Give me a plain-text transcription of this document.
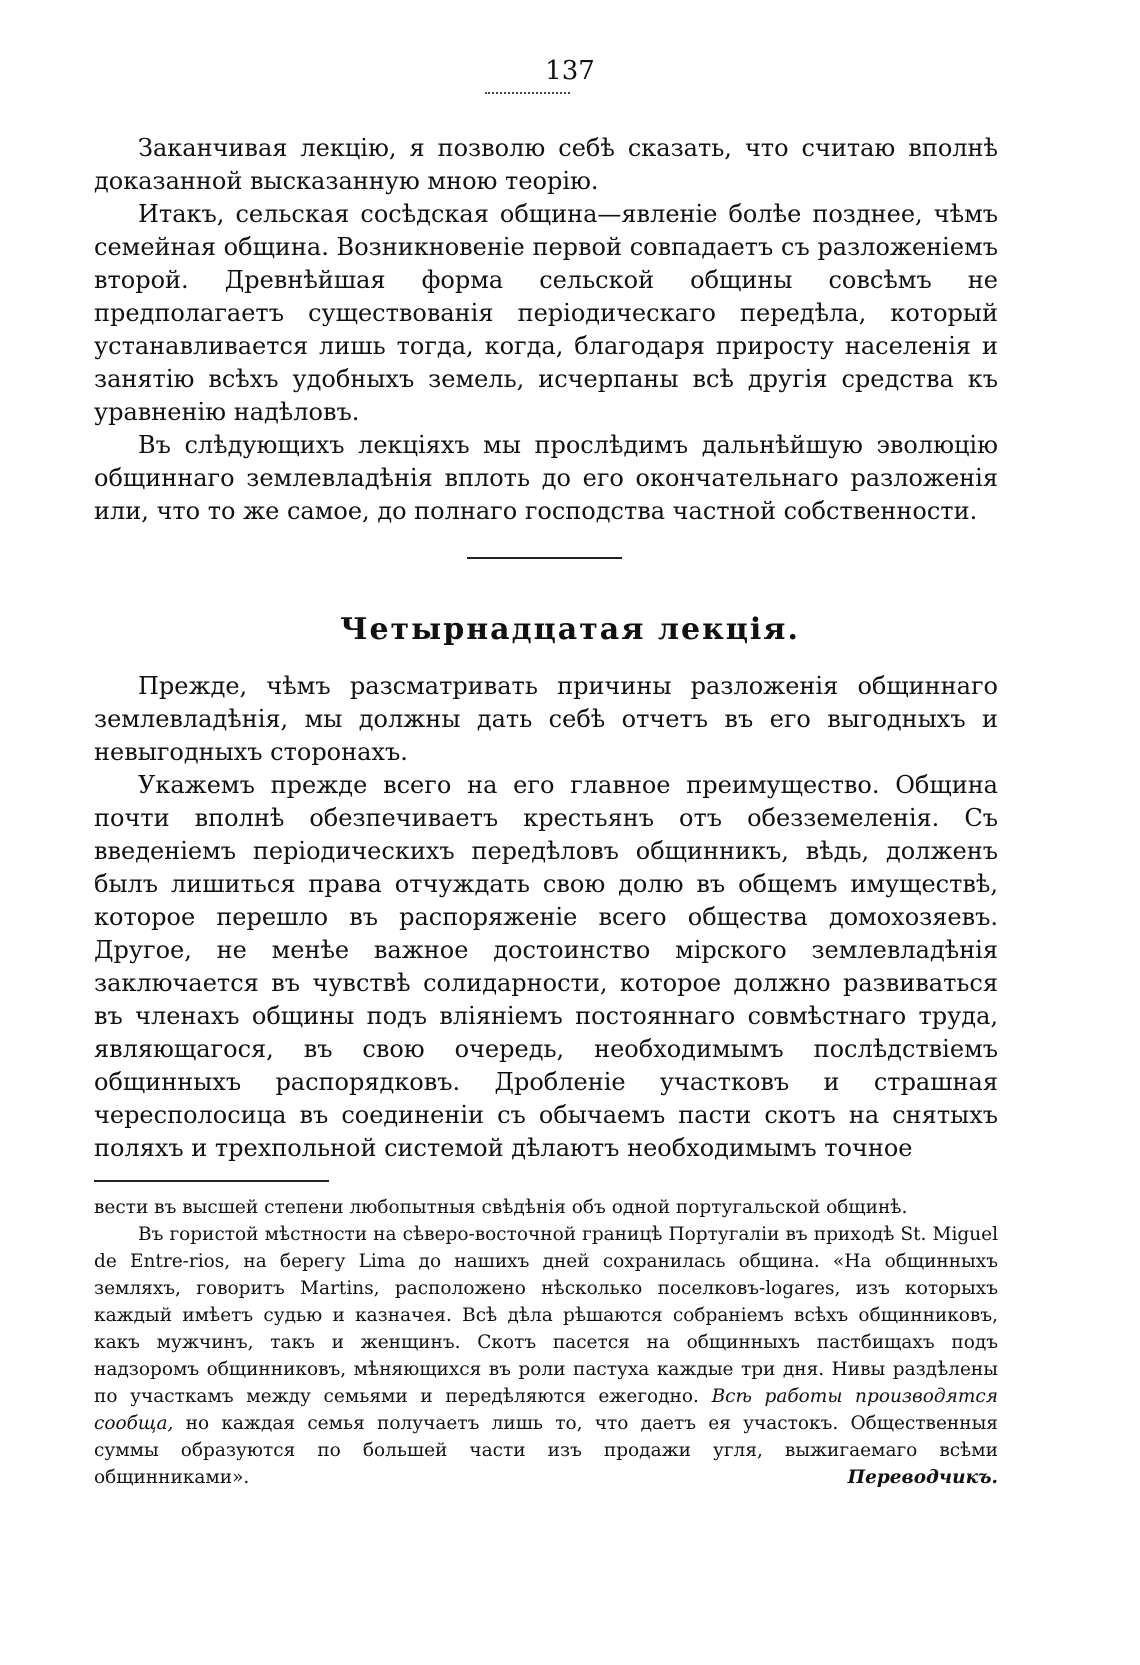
137

Заканчивая лекцію, я позволю себѣ сказать, что считаю вполнѣ доказанной высказанную мною теорію.

Итакъ, сельская сосѣдская община—явленіе болѣе позднее, чѣмъ семейная община. Возникновеніе первой совпадаетъ съ разложеніемъ второй. Древнѣйшая форма сельской общины совсѣмъ не предполагаетъ существованія періодическаго передѣла, который устанавливается лишь тогда, когда, благодаря приросту населенія и занятію всѣхъ удобныхъ земель, исчерпаны всѣ другія средства къ уравненію надѣловъ.

Въ слѣдующихъ лекціяхъ мы прослѣдимъ дальнѣйшую эволюцію общиннаго землевладѣнія вплоть до его окончательнаго разложенія или, что то же самое, до полнаго господства частной собственности.

Четырнадцатая лекція.

Прежде, чѣмъ разсматривать причины разложенія общиннаго землевладѣнія, мы должны дать себѣ отчетъ въ его выгодныхъ и невыгодныхъ сторонахъ.

Укажемъ прежде всего на его главное преимущество. Община почти вполнѣ обезпечиваетъ крестьянъ отъ обезземеленія. Съ введеніемъ періодическихъ передѣловъ общинникъ, вѣдь, долженъ былъ лишиться права отчуждать свою долю въ общемъ имуществѣ, которое перешло въ распоряженіе всего общества домохозяевъ. Другое, не менѣе важное достоинство мірского землевладѣнія заключается въ чувствѣ солидарности, которое должно развиваться въ членахъ общины подъ вліяніемъ постояннаго совмѣстнаго труда, являющагося, въ свою очередь, необходимымъ послѣдствіемъ общинныхъ распорядковъ. Дробленіе участковъ и страшная чересполосица въ соединеніи съ обычаемъ пасти скотъ на снятыхъ поляхъ и трехпольной системой дѣлаютъ необходимымъ точное

вести въ высшей степени любопытныя свѣдѣнія объ одной португальской общинѣ.

Въ гористой мѣстности на сѣверо-восточной границѣ Португаліи въ приходѣ St. Miguel de Entre-rios, на берегу Lima до нашихъ дней сохранилась община. «На общинныхъ земляхъ, говоритъ Martins, расположено нѣсколько поселковъ-logares, изъ которыхъ каждый имѣетъ судью и казначея. Всѣ дѣла рѣшаются собраніемъ всѣхъ общинниковъ, какъ мужчинъ, такъ и женщинъ. Скотъ пасется на общинныхъ пастбищахъ подъ надзоромъ общинниковъ, мѣняющихся въ роли пастуха каждые три дня. Нивы раздѣлены по участкамъ между семьями и передѣляются ежегодно. Всѣ работы производятся сообща, но каждая семья получаетъ лишь то, что даетъ ея участокъ. Общественныя суммы образуются по большей части изъ продажи угля, выжигаемаго всѣми общинниками».	Переводчикъ.
